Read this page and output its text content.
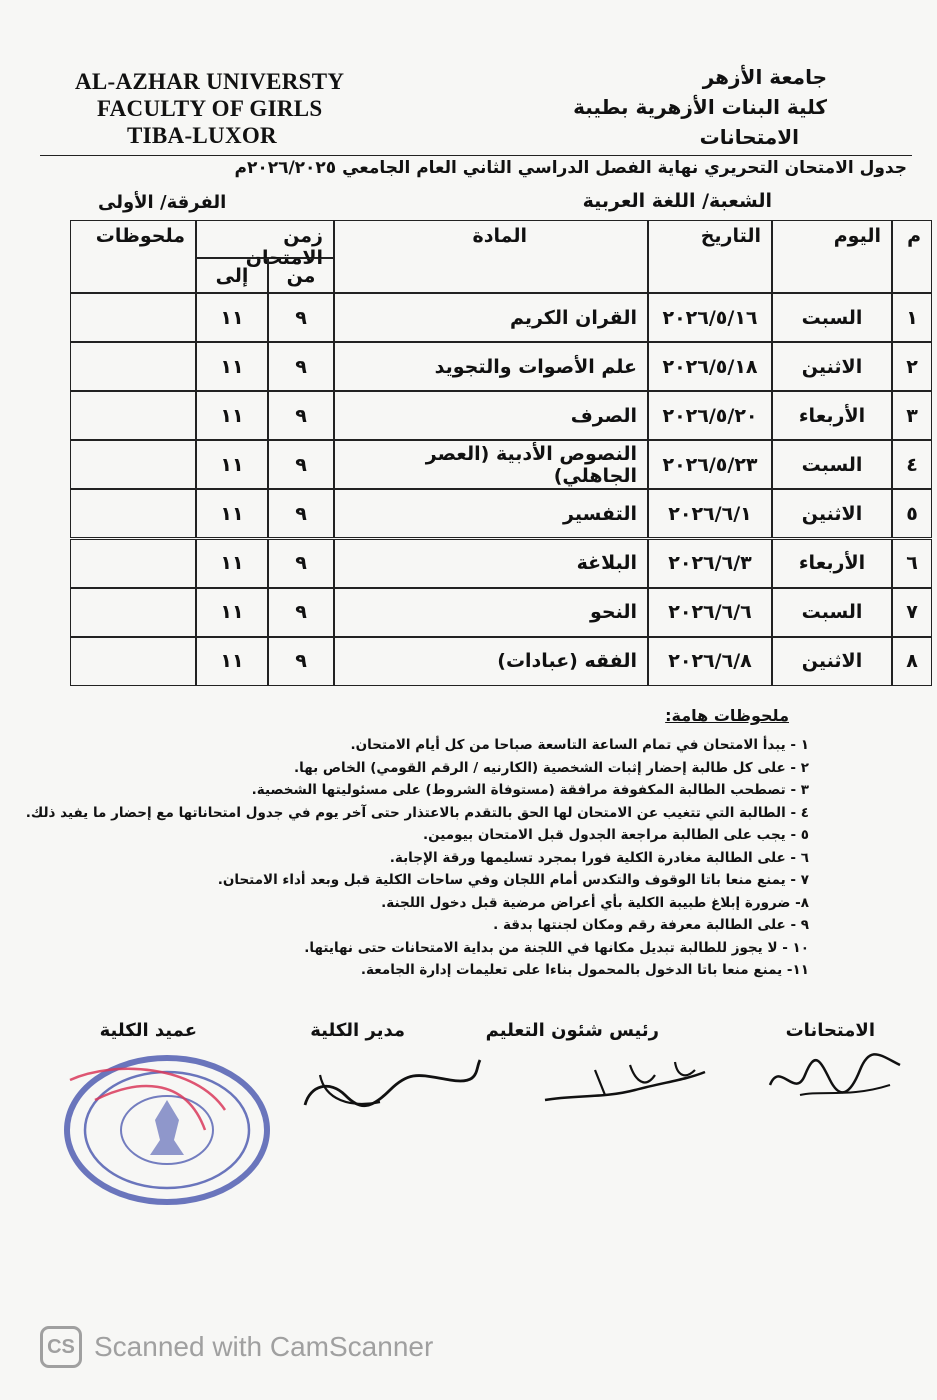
AL-AZHAR UNIVERSTY
FACULTY OF GIRLS
TIBA-LUXOR
جامعة الأزهر
كلية البنات الأزهرية بطيبة
الامتحانات
جدول الامتحان التحريري نهاية الفصل الدراسي الثاني العام الجامعي ٢٠٢٦/٢٠٢٥م
الشعبة/ اللغة العربية
الفرقة/ الأولى
م
اليوم
التاريخ
المادة
ملحوظات	زمن الامتحان
من
إلى
١
السبت
٢٠٢٦/٥/١٦
القران الكريم
٩
١١
٢
الاثنين
٢٠٢٦/٥/١٨
علم الأصوات والتجويد
٩
١١
٣
الأربعاء
٢٠٢٦/٥/٢٠
الصرف
٩
١١
٤
السبت
٢٠٢٦/٥/٢٣
النصوص الأدبية (العصر الجاهلي)
٩
١١
٥
الاثنين
٢٠٢٦/٦/١
التفسير
٩
١١
٦
الأربعاء
٢٠٢٦/٦/٣
البلاغة
٩
١١
٧
السبت
٢٠٢٦/٦/٦
النحو
٩
١١
٨
الاثنين
٢٠٢٦/٦/٨
الفقه (عبادات)
٩
١١
ملحوظات هامة:
١ - يبدأ الامتحان في تمام الساعة التاسعة صباحا من كل أيام الامتحان.
٢ - على كل طالبة إحضار إثبات الشخصية (الكارنيه / الرقم القومي) الخاص بها.
٣ - تصطحب الطالبة المكفوفة مرافقة (مستوفاة الشروط) على مسئوليتها الشخصية.
٤ - الطالبة التي تتغيب عن الامتحان لها الحق بالتقدم بالاعتذار حتى آخر يوم في جدول امتحاناتها مع إحضار ما يفيد ذلك.
٥ - يجب على الطالبة مراجعة الجدول قبل الامتحان بيومين.
٦ - على الطالبة مغادرة الكلية فورا بمجرد تسليمها ورقة الإجابة.
٧ - يمنع منعا باتا الوقوف والتكدس أمام اللجان وفي ساحات الكلية قبل وبعد أداء الامتحان.
٨- ضرورة إبلاغ طبيبة الكلية بأي أعراض مرضية قبل دخول اللجنة.
٩ - على الطالبة معرفة رقم ومكان لجنتها بدقة .
١٠ - لا يجوز للطالبة تبديل مكانها في اللجنة من بداية الامتحانات حتى نهايتها.
١١- يمنع منعا باتا الدخول بالمحمول بناءا على تعليمات إدارة الجامعة.
الامتحانات
رئيس شئون التعليم
مدير الكلية
عميد الكلية
CS Scanned with CamScanner
